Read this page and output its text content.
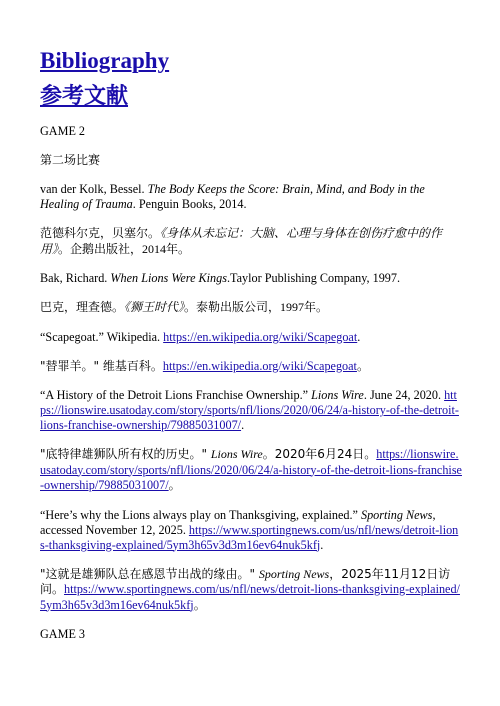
Bibliography
参考文献
GAME 2
第二场比赛
van der Kolk, Bessel. The Body Keeps the Score: Brain, Mind, and Body in the Healing of Trauma. Penguin Books, 2014.
范德科尔克，贝塞尔。《身体从未忘记：大脑、心理与身体在创伤疗愈中的作用》。企鹅出版社，2014年。
Bak, Richard. When Lions Were Kings.Taylor Publishing Company, 1997.
巴克，理查德。《狮王时代》。泰勒出版公司，1997年。
“Scapegoat.” Wikipedia. https://en.wikipedia.org/wiki/Scapegoat.
"替罪羊。" 维基百科。https://en.wikipedia.org/wiki/Scapegoat。
“A History of the Detroit Lions Franchise Ownership.” Lions Wire. June 24, 2020. https://lionswire.usatoday.com/story/sports/nfl/lions/2020/06/24/a-history-of-the-detroit-lions-franchise-ownership/79885031007/.
"底特律雄狮队所有权的历史。" Lions Wire。2020年6月24日。https://lionswire.usatoday.com/story/sports/nfl/lions/2020/06/24/a-history-of-the-detroit-lions-franchise-ownership/79885031007/。
“Here’s why the Lions always play on Thanksgiving, explained.” Sporting News, accessed November 12, 2025. https://www.sportingnews.com/us/nfl/news/detroit-lions-thanksgiving-explained/5ym3h65v3d3m16ev64nuk5kfj.
"这就是雄狮队总在感恩节出战的缘由。" Sporting News，2025年11月12日访问。https://www.sportingnews.com/us/nfl/news/detroit-lions-thanksgiving-explained/5ym3h65v3d3m16ev64nuk5kfj。
GAME 3
